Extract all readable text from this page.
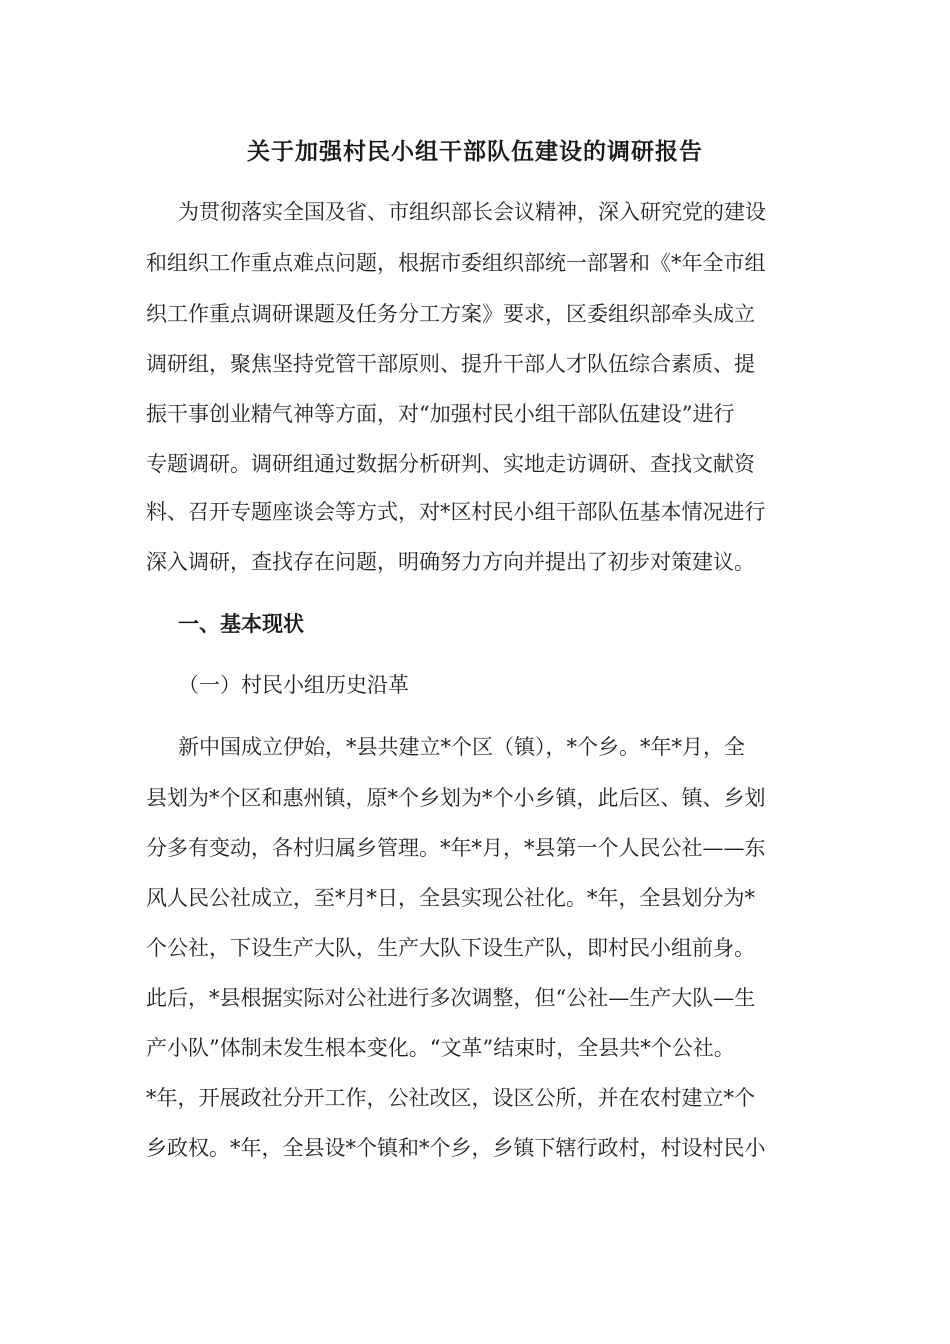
关于加强村民小组干部队伍建设的调研报告
为贯彻落实全国及省、市组织部长会议精神，深入研究党的建设
和组织工作重点难点问题，根据市委组织部统一部署和《*年全市组
织工作重点调研课题及任务分工方案》要求，区委组织部牵头成立
调研组，聚焦坚持党管干部原则、提升干部人才队伍综合素质、提
振干事创业精气神等方面，对“加强村民小组干部队伍建设”进行
专题调研。调研组通过数据分析研判、实地走访调研、查找文献资
料、召开专题座谈会等方式，对*区村民小组干部队伍基本情况进行
深入调研，查找存在问题，明确努力方向并提出了初步对策建议。
一、基本现状
（一）村民小组历史沿革
新中国成立伊始，*县共建立*个区（镇），*个乡。*年*月，全
县划为*个区和惠州镇，原*个乡划为*个小乡镇，此后区、镇、乡划
分多有变动，各村归属乡管理。*年*月，*县第一个人民公社——东
风人民公社成立，至*月*日，全县实现公社化。*年，全县划分为*
个公社，下设生产大队，生产大队下设生产队，即村民小组前身。
此后，*县根据实际对公社进行多次调整，但“公社—生产大队—生
产小队”体制未发生根本变化。“文革”结束时，全县共*个公社。
*年，开展政社分开工作，公社改区，设区公所，并在农村建立*个
乡政权。*年，全县设*个镇和*个乡，乡镇下辖行政村，村设村民小
